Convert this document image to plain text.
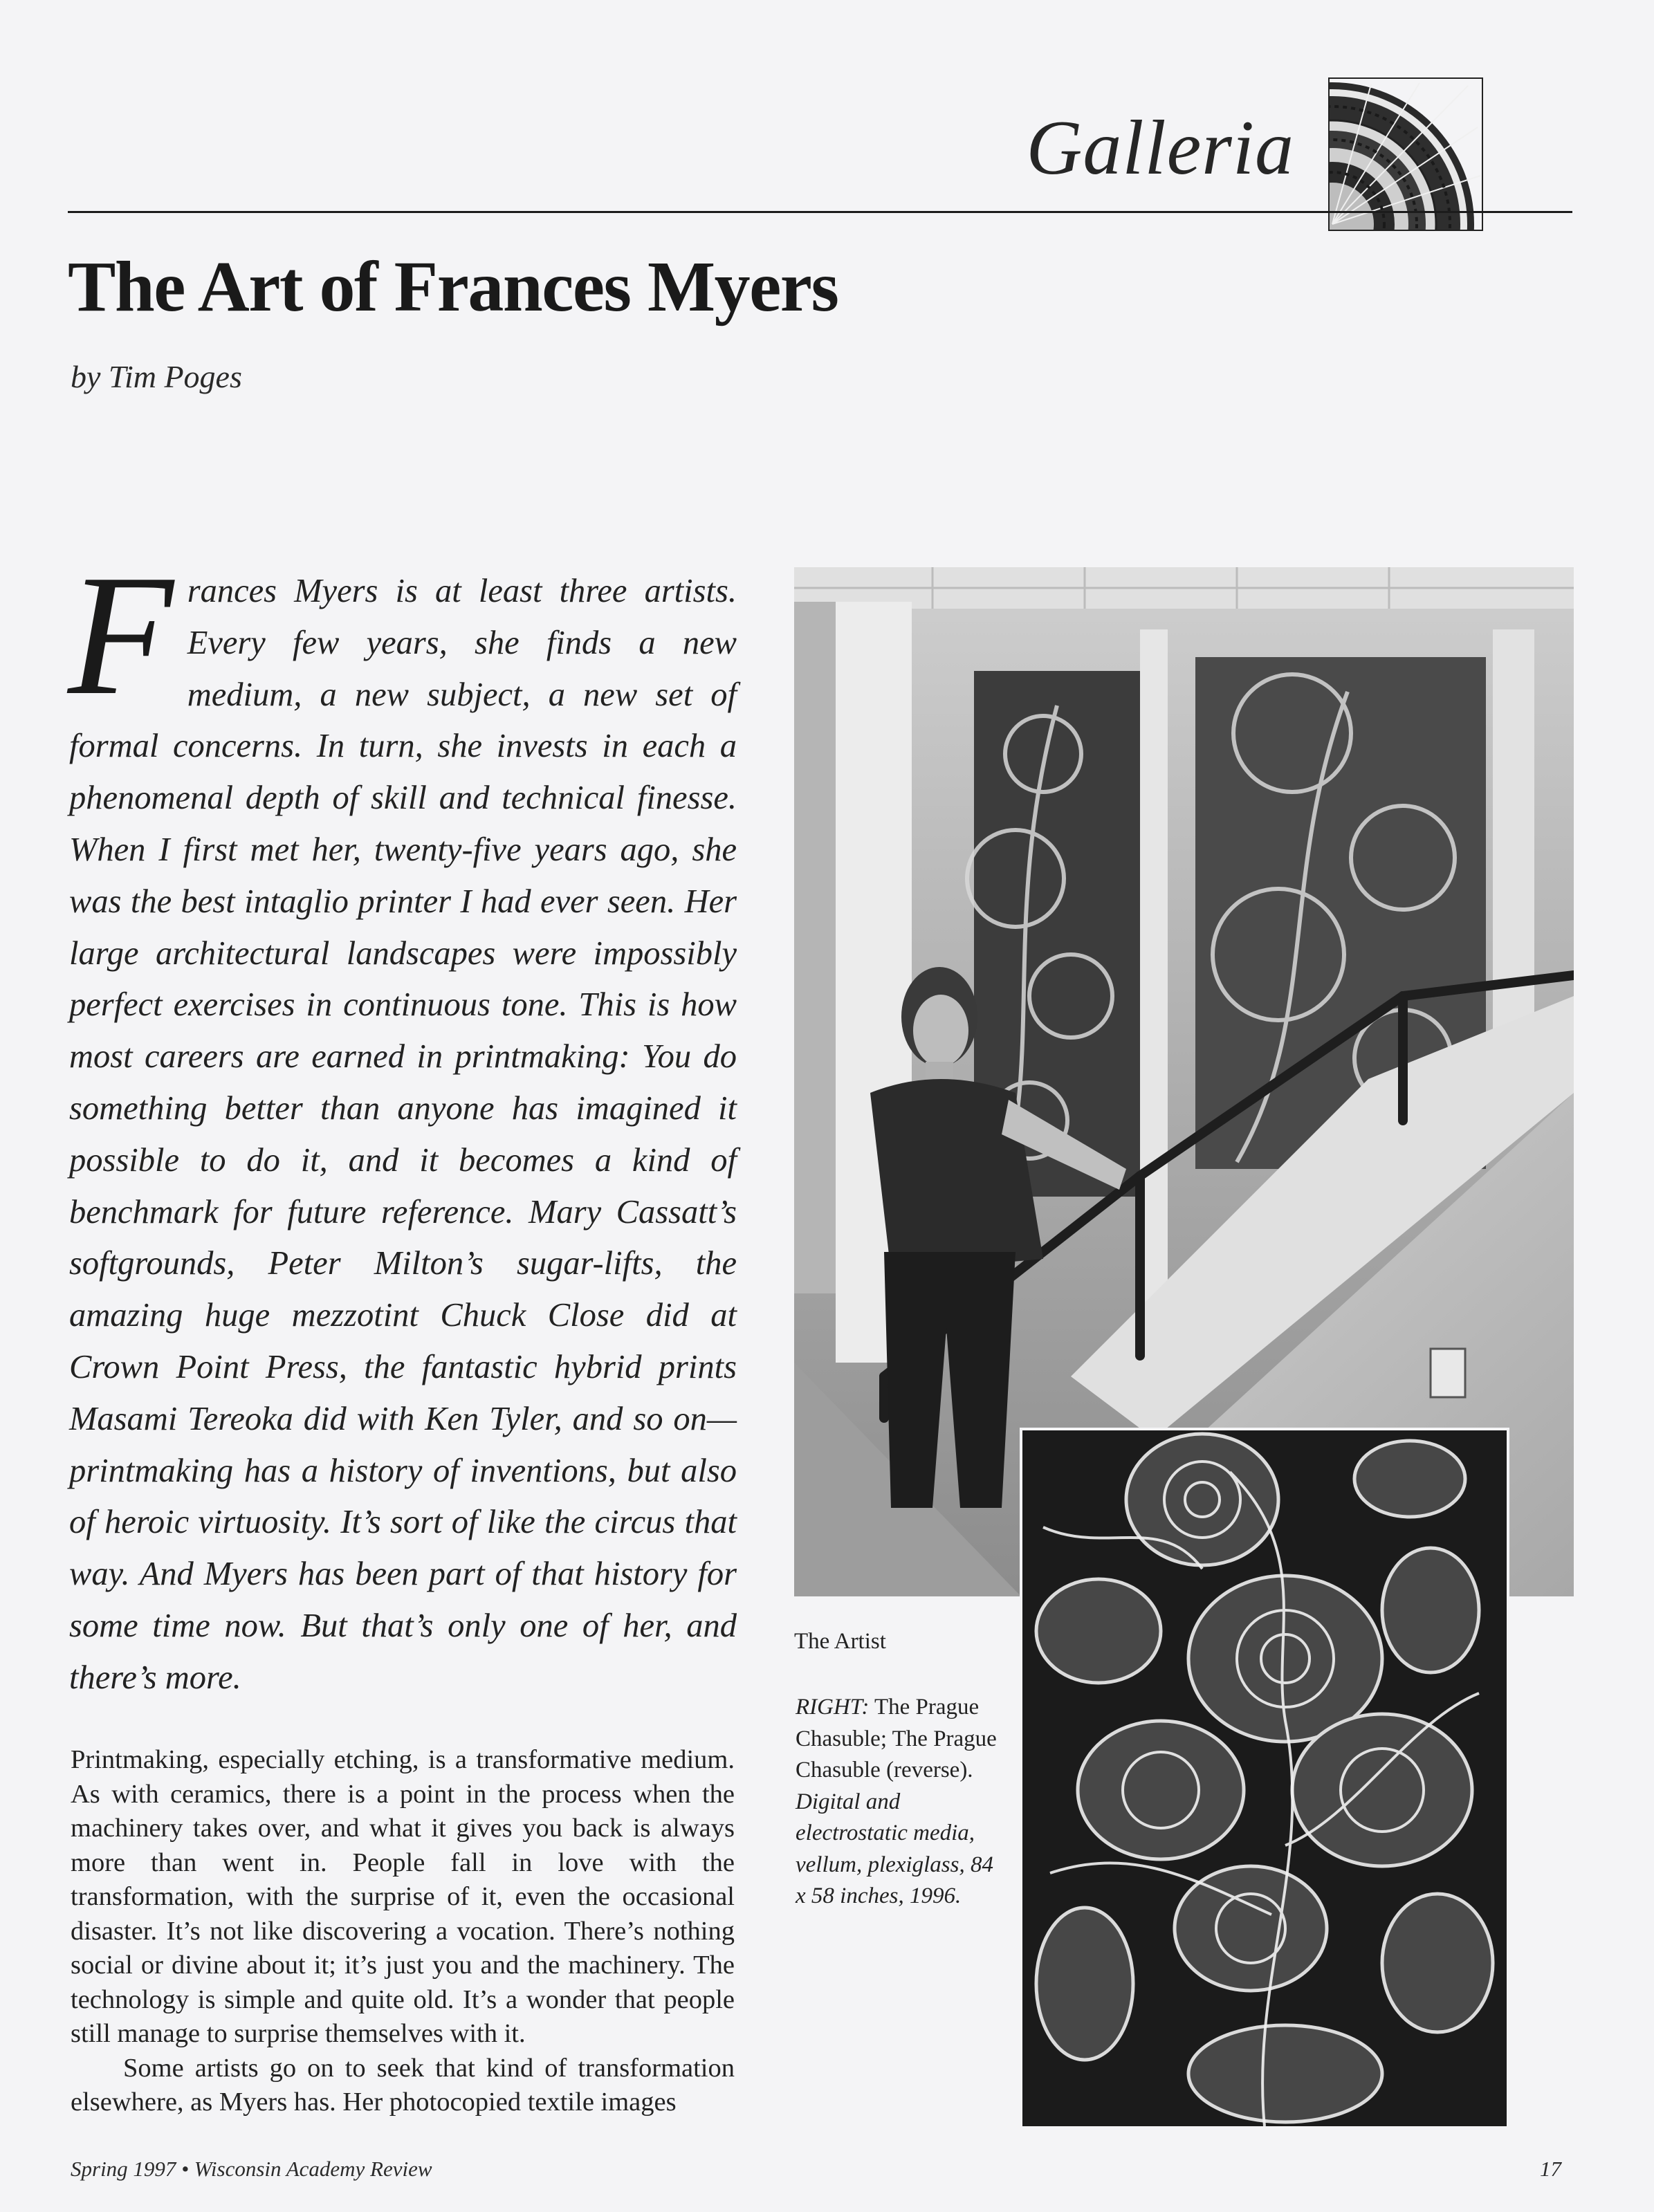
Galleria
The Art of Frances Myers
by Tim Poges
F rances Myers is at least three artists. Every few years, she finds a new medium, a new subject, a new set of formal concerns. In turn, she invests in each a phenomenal depth of skill and technical finesse. When I first met her, twenty-five years ago, she was the best intaglio printer I had ever seen. Her large architectural landscapes were impossibly perfect exercises in continuous tone. This is how most careers are earned in printmaking: You do something better than anyone has imagined it possible to do it, and it becomes a kind of benchmark for future reference. Mary Cassatt’s softgrounds, Peter Milton’s sugar-lifts, the amazing huge mezzotint Chuck Close did at Crown Point Press, the fantastic hybrid prints Masami Tereoka did with Ken Tyler, and so on—printmaking has a history of inventions, but also of heroic virtuosity. It’s sort of like the circus that way. And Myers has been part of that history for some time now. But that’s only one of her, and there’s more.

Printmaking, especially etching, is a transformative medium. As with ceramics, there is a point in the process when the machinery takes over, and what it gives you back is always more than went in. People fall in love with the transformation, with the surprise of it, even the occasional disaster. It’s not like discovering a vocation. There’s nothing social or divine about it; it’s just you and the machinery. The technology is simple and quite old. It’s a wonder that people still manage to surprise themselves with it.

Some artists go on to seek that kind of transformation elsewhere, as Myers has. Her photocopied textile images

The Artist
RIGHT: The Prague Chasuble; The Prague Chasuble (reverse). Digital and electrostatic media, vellum, plexiglass, 84 x 58 inches, 1996.
Spring 1997 • Wisconsin Academy Review	17
